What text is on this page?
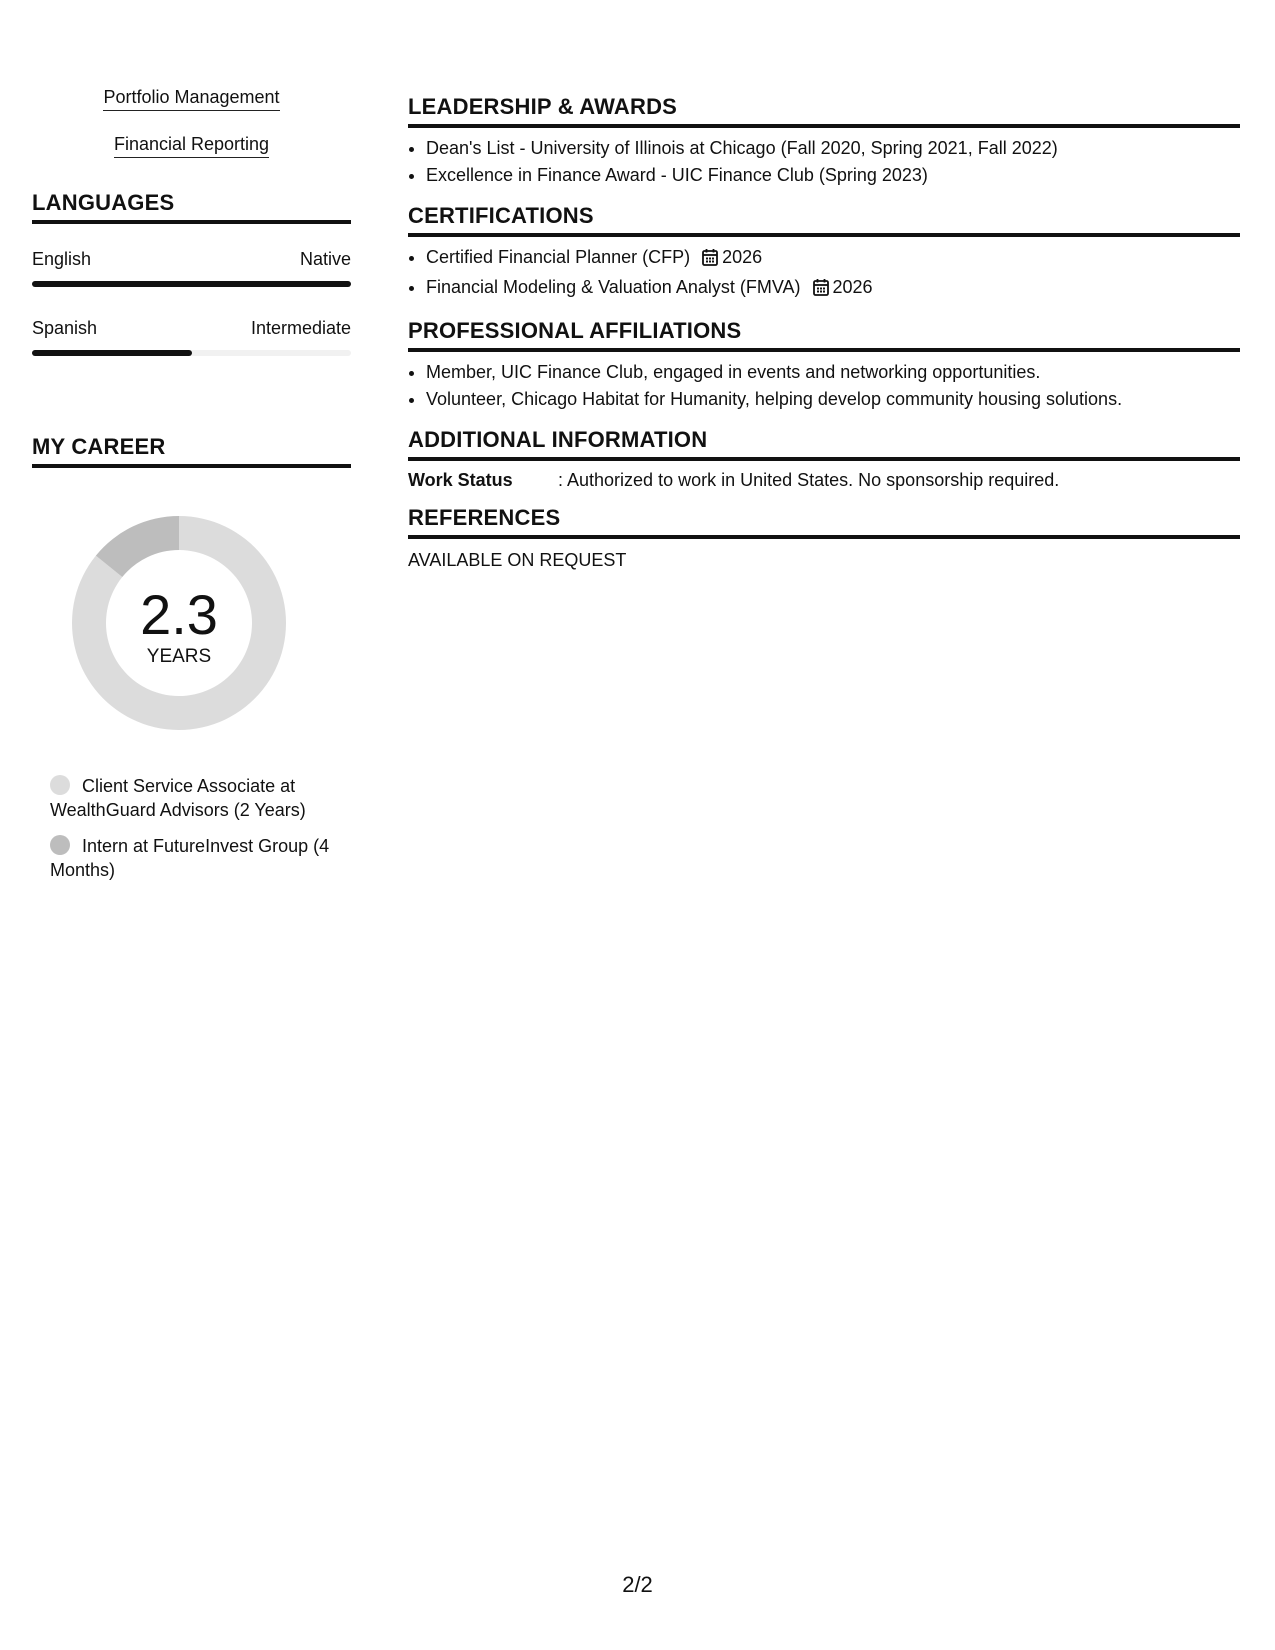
Portfolio Management
Financial Reporting
LANGUAGES
English	Native
Spanish	Intermediate
MY CAREER
2.3
YEARS
Client Service Associate at WealthGuard Advisors (2 Years)
Intern at FutureInvest Group (4 Months)
LEADERSHIP & AWARDS
• Dean's List - University of Illinois at Chicago (Fall 2020, Spring 2021, Fall 2022)
• Excellence in Finance Award - UIC Finance Club (Spring 2023)
CERTIFICATIONS
• Certified Financial Planner (CFP) 2026
• Financial Modeling & Valuation Analyst (FMVA) 2026
PROFESSIONAL AFFILIATIONS
• Member, UIC Finance Club, engaged in events and networking opportunities.
• Volunteer, Chicago Habitat for Humanity, helping develop community housing solutions.
ADDITIONAL INFORMATION
Work Status	: Authorized to work in United States. No sponsorship required.
REFERENCES
AVAILABLE ON REQUEST
2/2
